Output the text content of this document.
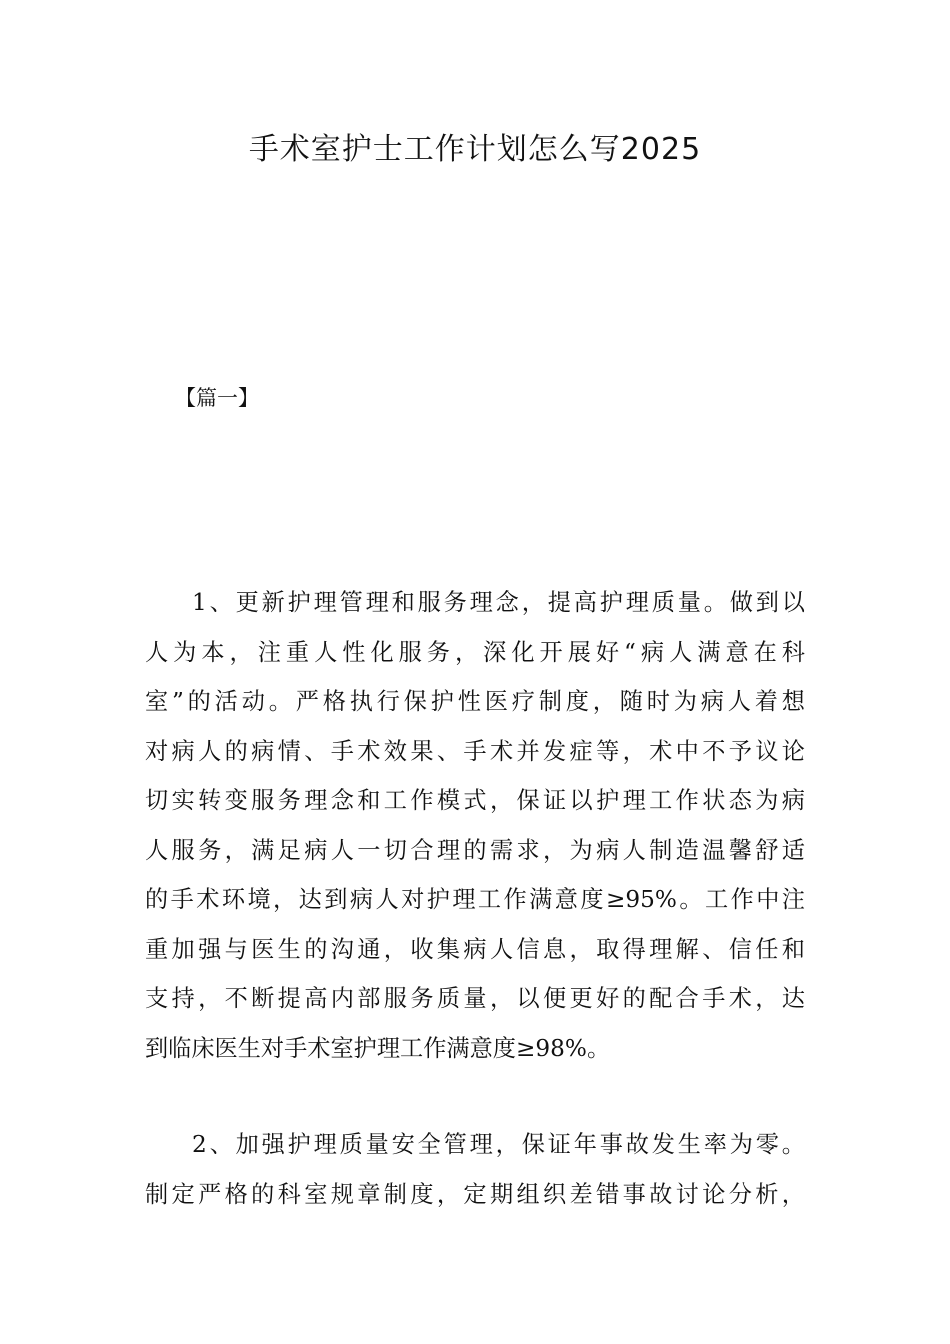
手术室护士工作计划怎么写2025
【篇一】
1、更新护理管理和服务理念，提高护理质量。做到以
人为本，注重人性化服务，深化开展好“病人满意在科
室”的活动。严格执行保护性医疗制度，随时为病人着想
对病人的病情、手术效果、手术并发症等，术中不予议论
切实转变服务理念和工作模式，保证以护理工作状态为病
人服务，满足病人一切合理的需求，为病人制造温馨舒适
的手术环境，达到病人对护理工作满意度≥95%。工作中注
重加强与医生的沟通，收集病人信息，取得理解、信任和
支持，不断提高内部服务质量，以便更好的配合手术，达
到临床医生对手术室护理工作满意度≥98%。
2、加强护理质量安全管理，保证年事故发生率为零。
制定严格的科室规章制度，定期组织差错事故讨论分析，
